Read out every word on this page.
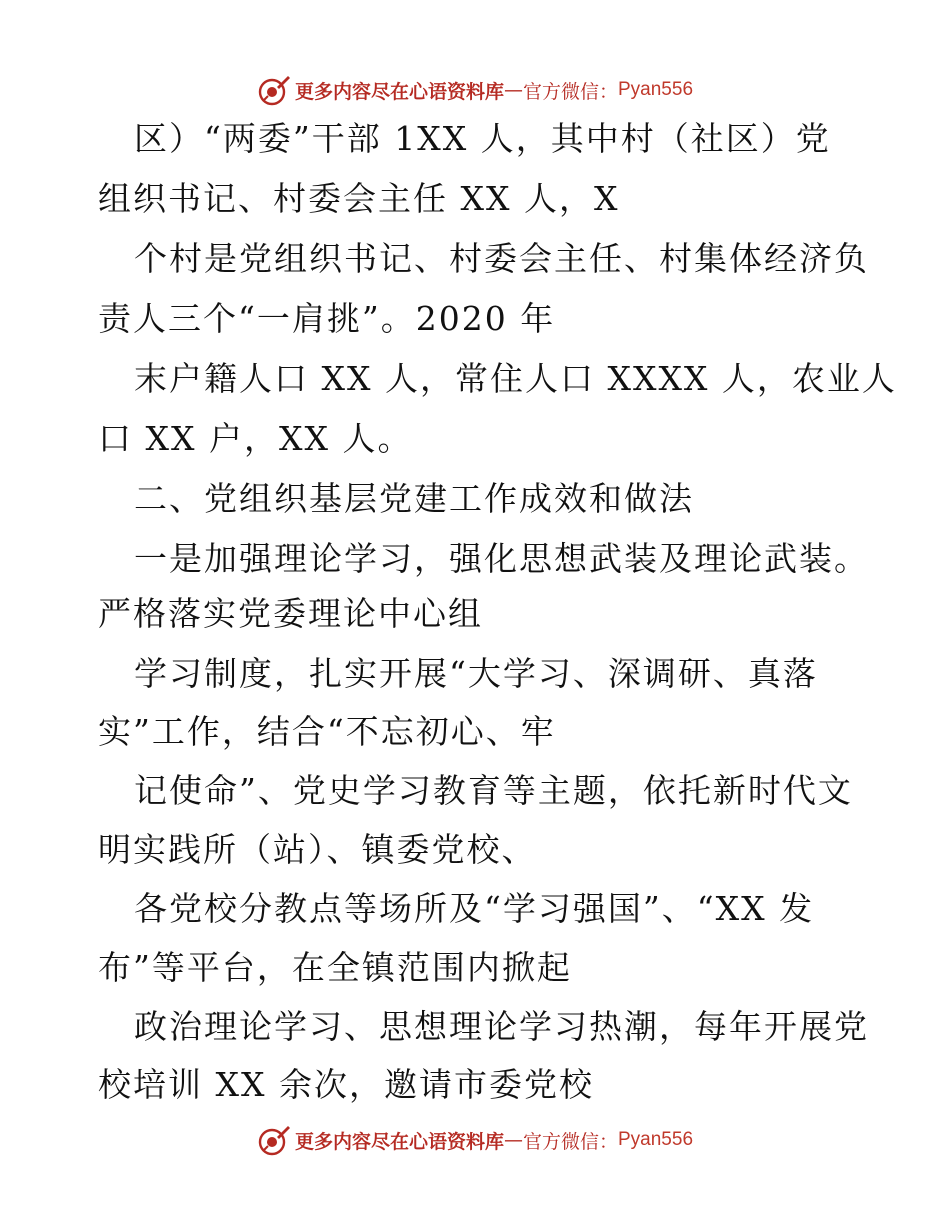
更多内容尽在心语资料库 — 官方微信： Pyan556
区）“两委”干部 1XX 人，其中村（社区）党
组织书记、村委会主任 XX 人，X
个村是党组织书记、村委会主任、村集体经济负
责人三个“一肩挑”。2020 年
末户籍人口 XX 人，常住人口 XXXX 人，农业人
口 XX 户，XX 人。
二、党组织基层党建工作成效和做法
一是加强理论学习，强化思想武装及理论武装。
严格落实党委理论中心组
学习制度，扎实开展“大学习、深调研、真落
实”工作，结合“不忘初心、牢
记使命”、党史学习教育等主题，依托新时代文
明实践所（站）、镇委党校、
各党校分教点等场所及“学习强国”、“XX 发
布”等平台，在全镇范围内掀起
政治理论学习、思想理论学习热潮，每年开展党
校培训 XX 余次，邀请市委党校
更多内容尽在心语资料库 — 官方微信： Pyan556
